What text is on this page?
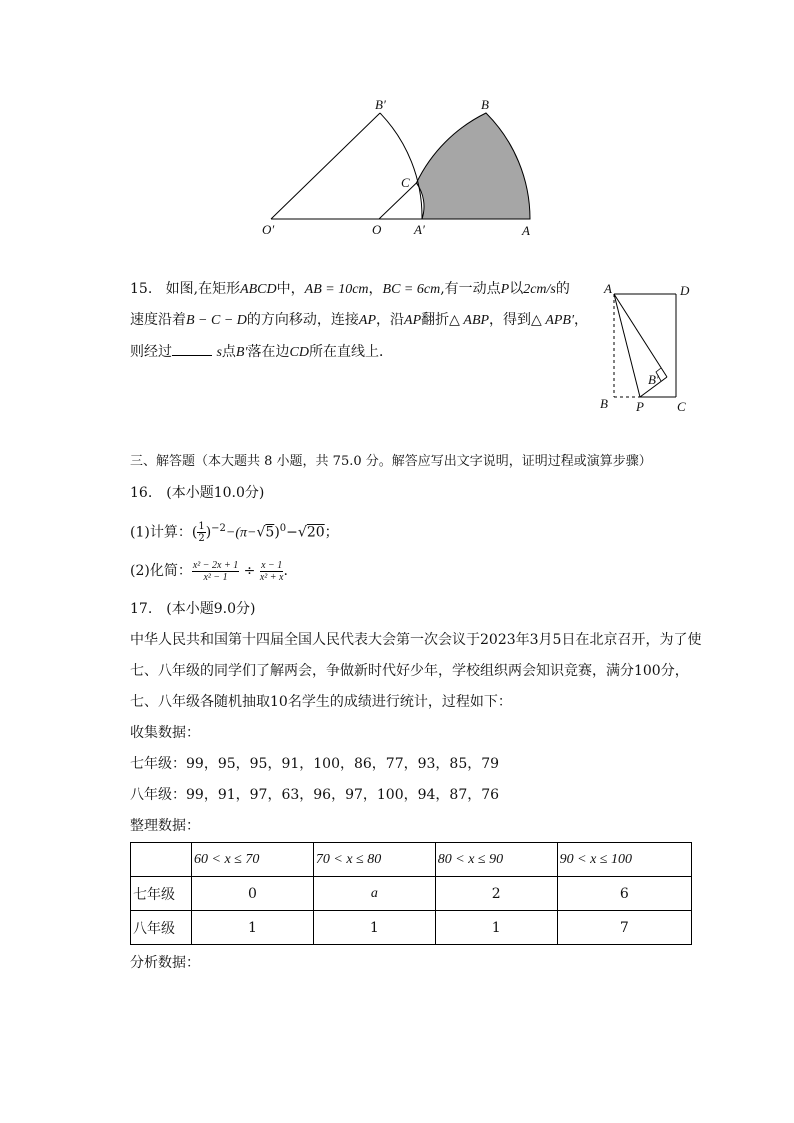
B′	B
C
O′	O	A′	A
15. 如图,在矩形ABCD中，AB = 10cm，BC = 6cm,有一动点P以2cm/s的
速度沿着B − C − D的方向移动，连接AP，沿AP翻折△ ABP，得到△ APB′，
则经过	s点B′落在边CD所在直线上．
A	D
B′
B P	C
三、解答题（本大题共 8 小题，共 75.0 分。解答应写出文字说明，证明过程或演算步骤）
16.　(本小题10.0分)
(1)计算：( $\frac{1}{2} )^{-2}-(\pi-√5)^0-√20$；
(2)化简： $\frac{\text{x² − 2x + 1}}{\text{x² − 1}} \div \frac{x - 1}{\text{x² + x}}$ .
17.　(本小题9.0分)
中华人民共和国第十四届全国人民代表大会第一次会议于2023年3月5日在北京召开，为了使
七、八年级的同学们了解两会，争做新时代好少年，学校组织两会知识竞赛，满分100分，
七、八年级各随机抽取10名学生的成绩进行统计，过程如下：
收集数据：
七年级：99，95，95，91，100，86，77，93，85，79
八年级：99，91，97，63，96，97，100，94，87，76
整理数据：
	60 < x ≤ 70	70 < x ≤ 80	80 < x ≤ 90	90 < x ≤ 100
七年级	0	a	2	6
八年级	1	1	1	7
分析数据：
